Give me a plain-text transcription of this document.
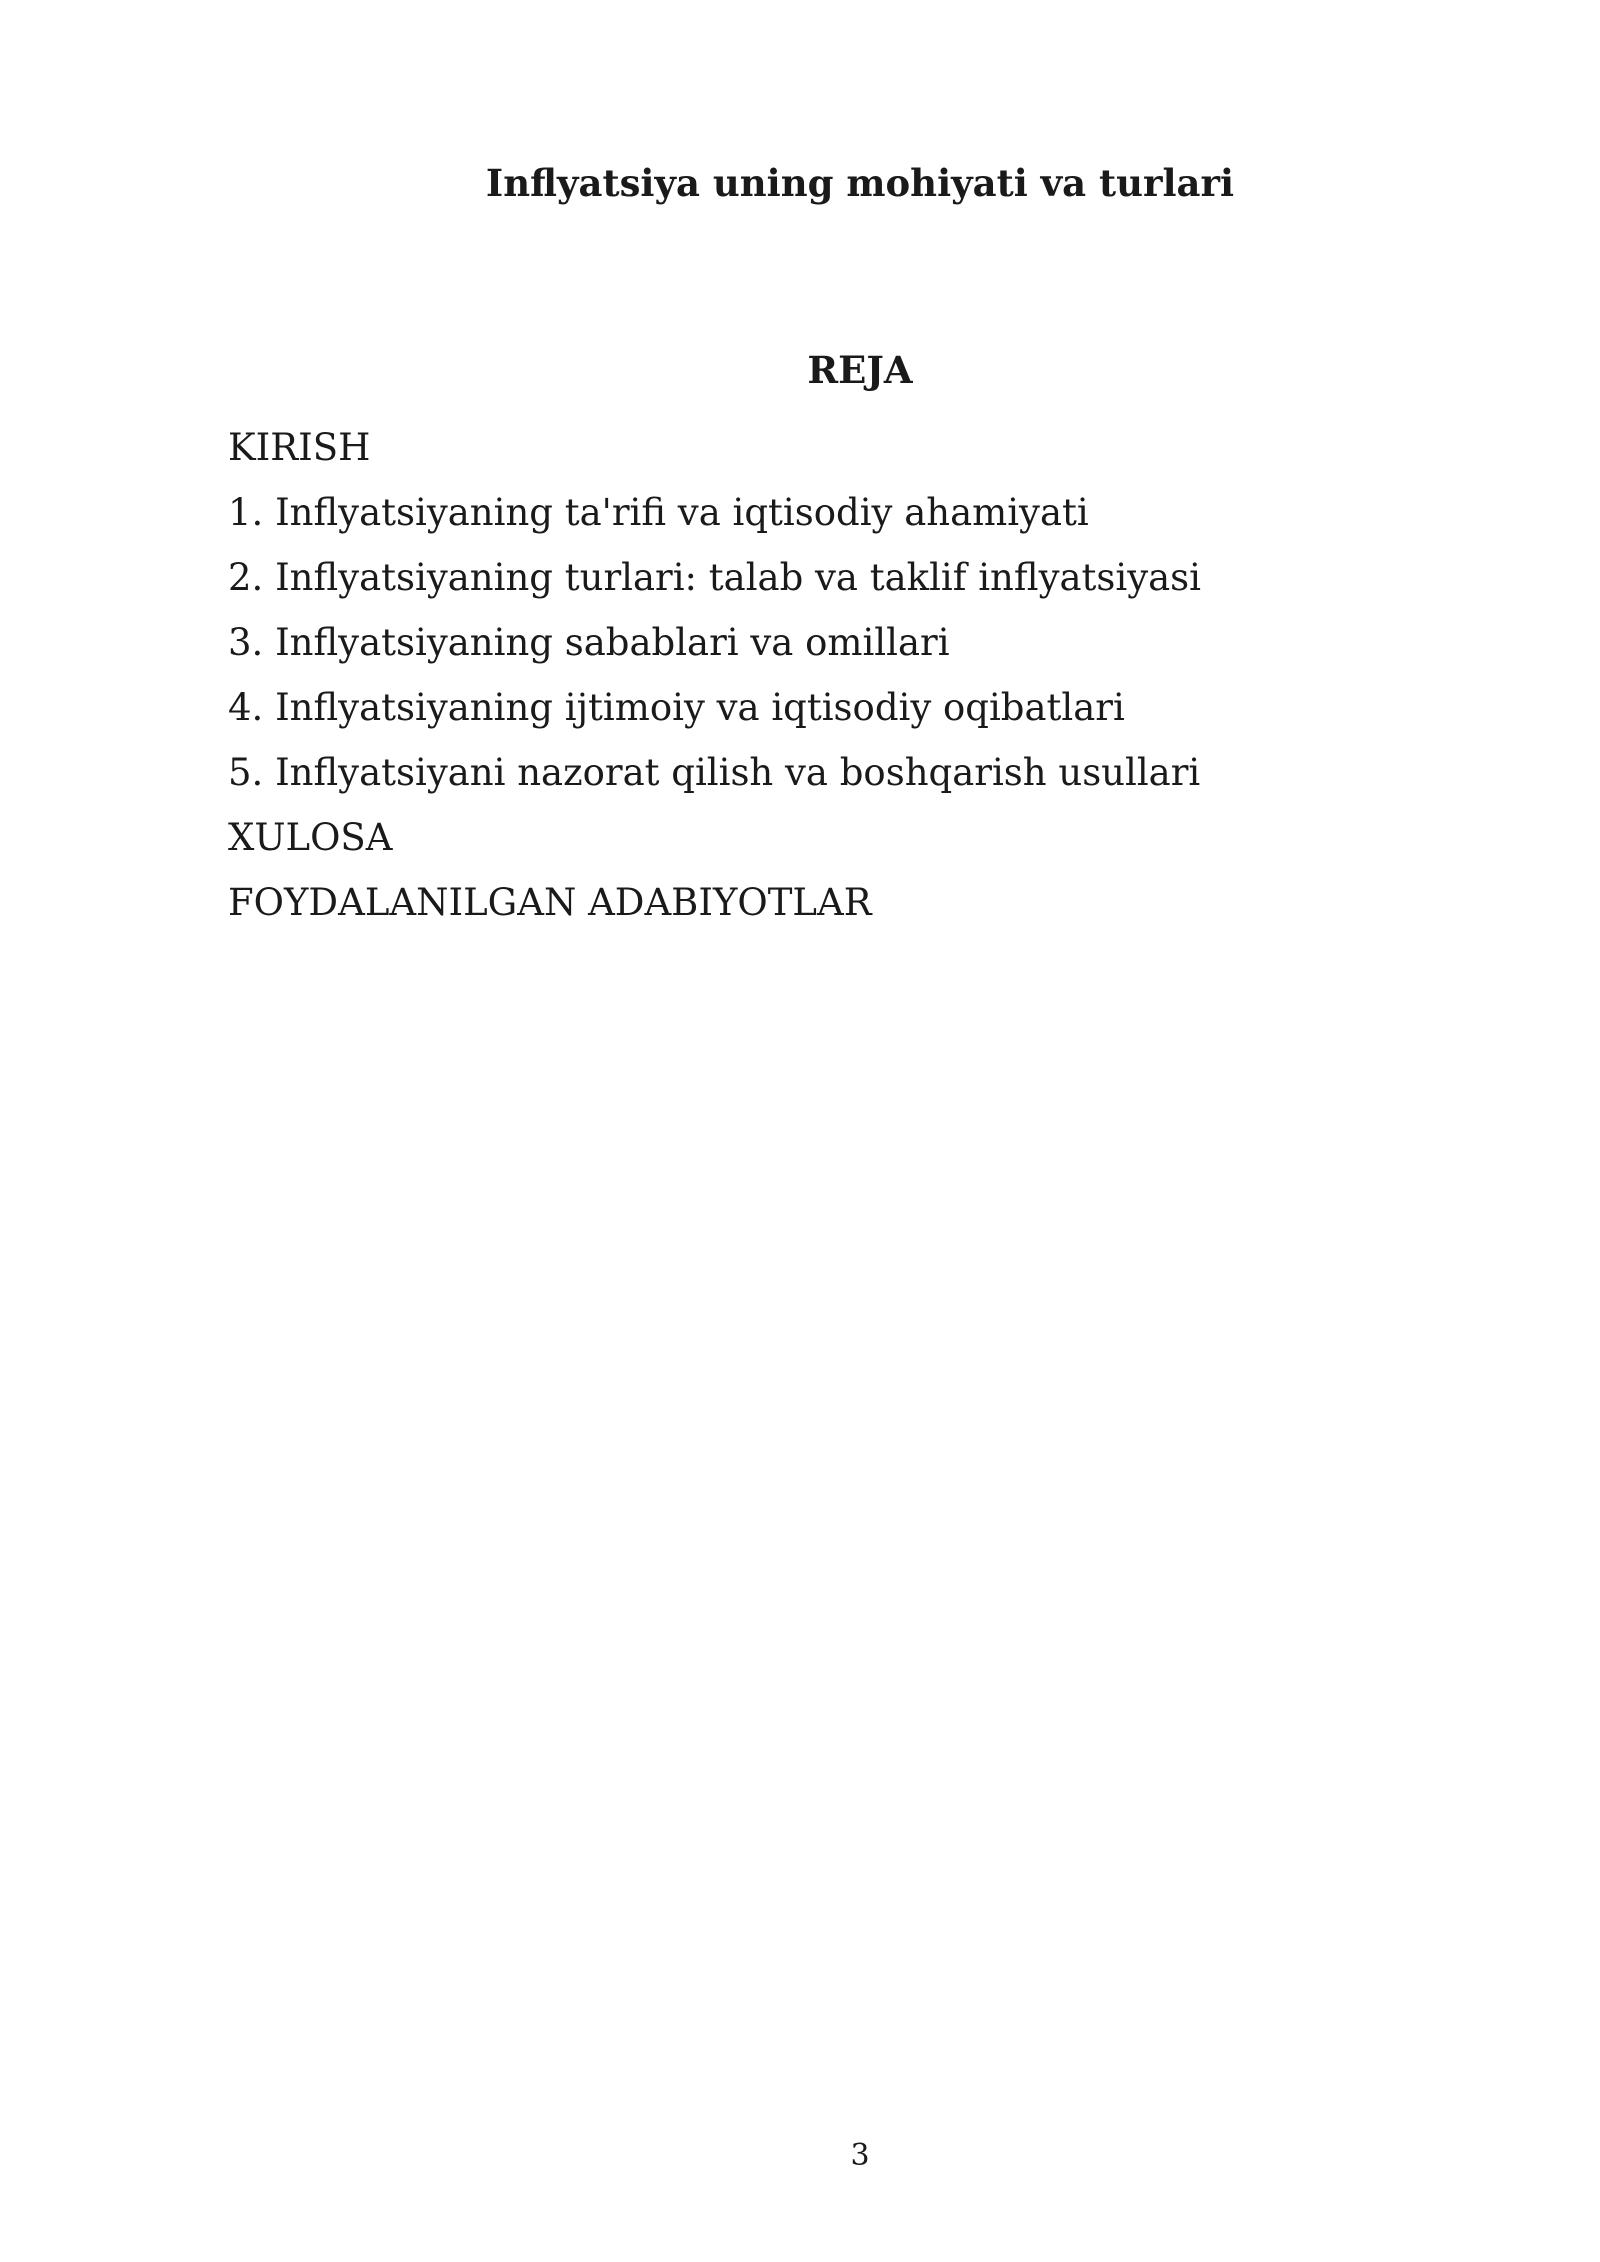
Inflyatsiya uning mohiyati va turlari
REJA
KIRISH
1. Inflyatsiyaning ta'rifi va iqtisodiy ahamiyati
2. Inflyatsiyaning turlari: talab va taklif inflyatsiyasi
3. Inflyatsiyaning sabablari va omillari
4. Inflyatsiyaning ijtimoiy va iqtisodiy oqibatlari
5. Inflyatsiyani nazorat qilish va boshqarish usullari
XULOSA
FOYDALANILGAN ADABIYOTLAR
3
